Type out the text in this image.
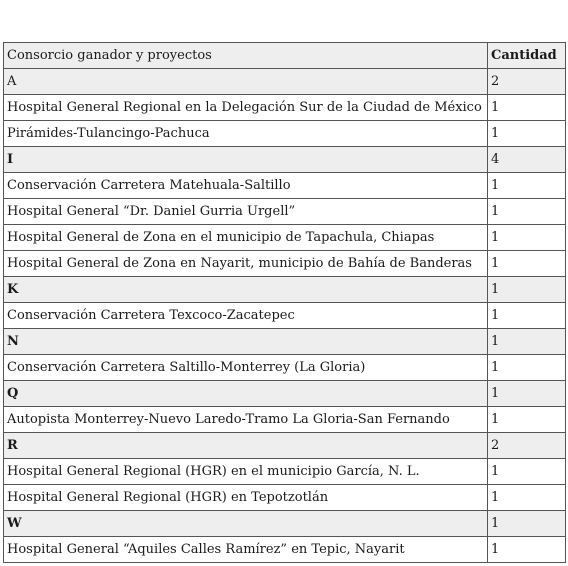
Consorcio ganador y proyectos	Cantidad
A	2
Hospital General Regional en la Delegación Sur de la Ciudad de México	1
Pirámides-Tulancingo-Pachuca	1
I	4
Conservación Carretera Matehuala-Saltillo	1
Hospital General “Dr. Daniel Gurria Urgell”	1
Hospital General de Zona en el municipio de Tapachula, Chiapas	1
Hospital General de Zona en Nayarit, municipio de Bahía de Banderas	1
K	1
Conservación Carretera Texcoco-Zacatepec	1
N	1
Conservación Carretera Saltillo-Monterrey (La Gloria)	1
Q	1
Autopista Monterrey-Nuevo Laredo-Tramo La Gloria-San Fernando	1
R	2
Hospital General Regional (HGR) en el municipio García, N. L.	1
Hospital General Regional (HGR) en Tepotzotlán	1
W	1
Hospital General “Aquiles Calles Ramírez” en Tepic, Nayarit	1
